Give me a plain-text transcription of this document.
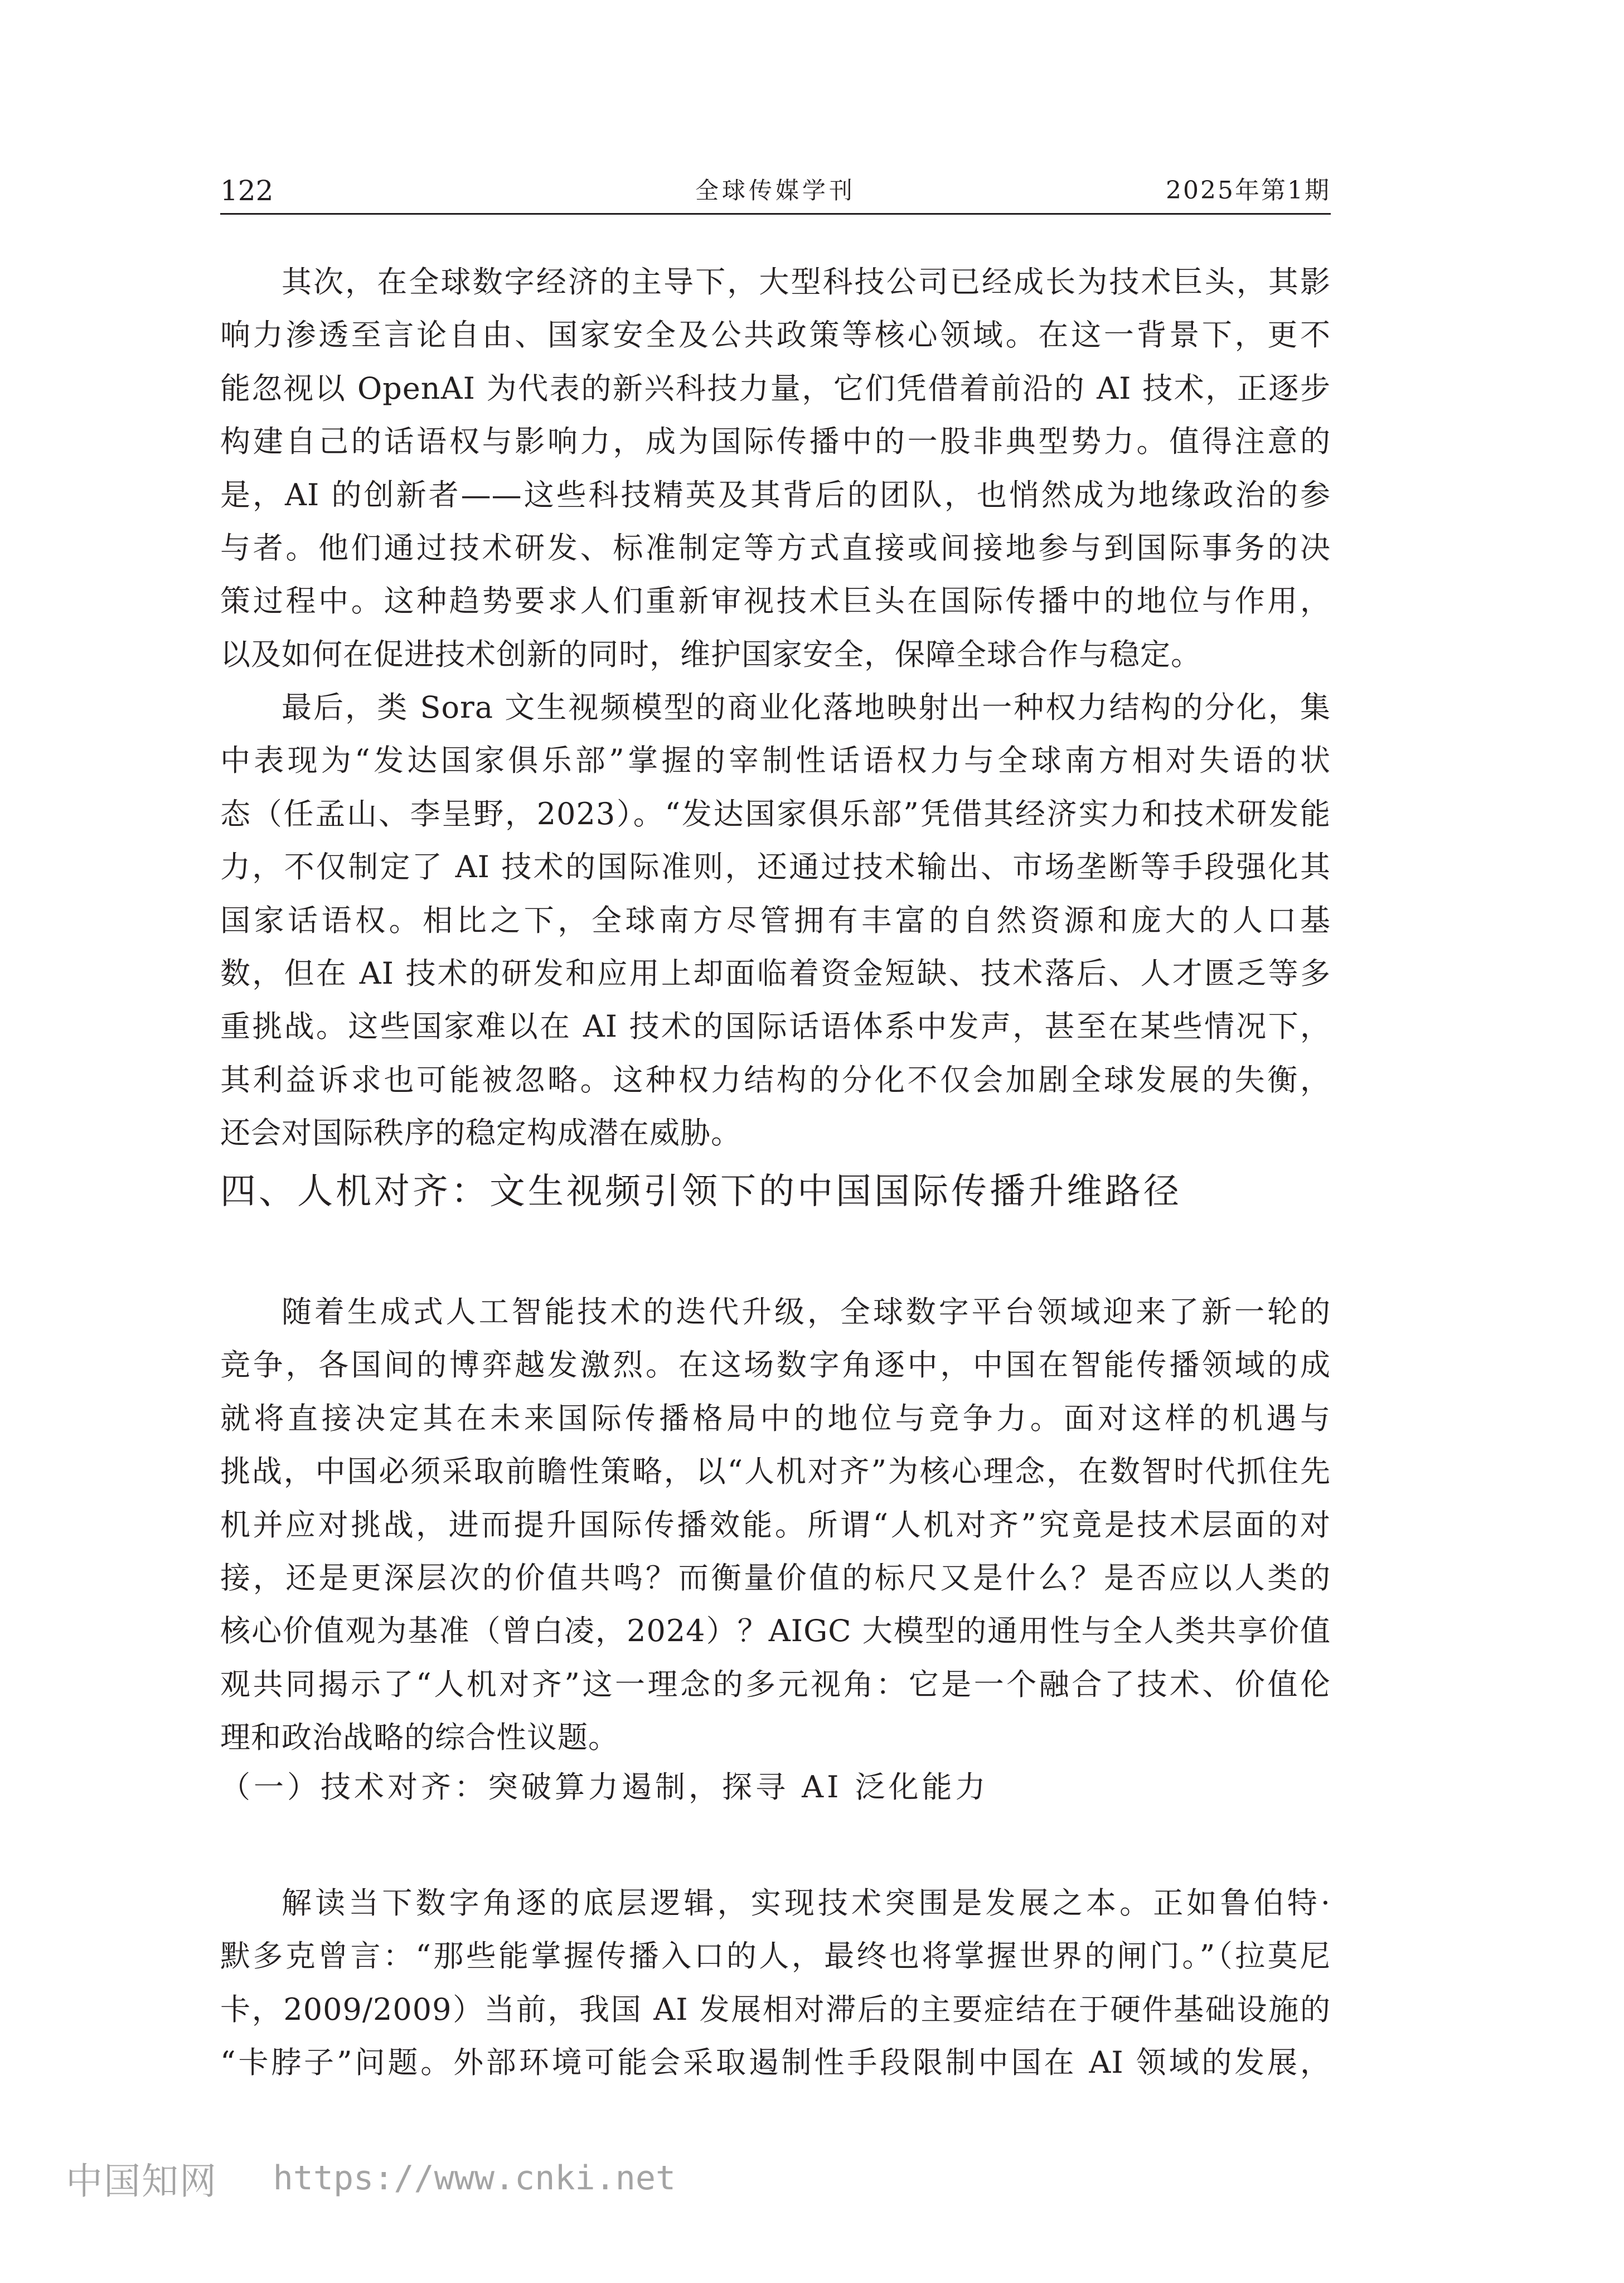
122	全球传媒学刊	2025年第1期
其次，在全球数字经济的主导下，大型科技公司已经成长为技术巨头，其影
响力渗透至言论自由、国家安全及公共政策等核心领域。在这一背景下，更不
能忽视以 OpenAI 为代表的新兴科技力量，它们凭借着前沿的 AI 技术，正逐步
构建自己的话语权与影响力，成为国际传播中的一股非典型势力。值得注意的
是，AI 的创新者——这些科技精英及其背后的团队，也悄然成为地缘政治的参
与者。他们通过技术研发、标准制定等方式直接或间接地参与到国际事务的决
策过程中。这种趋势要求人们重新审视技术巨头在国际传播中的地位与作用，
以及如何在促进技术创新的同时，维护国家安全，保障全球合作与稳定。
最后，类 Sora 文生视频模型的商业化落地映射出一种权力结构的分化，集
中表现为“发达国家俱乐部”掌握的宰制性话语权力与全球南方相对失语的状
态（任孟山、李呈野，2023）。“发达国家俱乐部”凭借其经济实力和技术研发能
力，不仅制定了 AI 技术的国际准则，还通过技术输出、市场垄断等手段强化其
国家话语权。相比之下，全球南方尽管拥有丰富的自然资源和庞大的人口基
数，但在 AI 技术的研发和应用上却面临着资金短缺、技术落后、人才匮乏等多
重挑战。这些国家难以在 AI 技术的国际话语体系中发声，甚至在某些情况下，
其利益诉求也可能被忽略。这种权力结构的分化不仅会加剧全球发展的失衡，
还会对国际秩序的稳定构成潜在威胁。
四、人机对齐：文生视频引领下的中国国际传播升维路径
随着生成式人工智能技术的迭代升级，全球数字平台领域迎来了新一轮的
竞争，各国间的博弈越发激烈。在这场数字角逐中，中国在智能传播领域的成
就将直接决定其在未来国际传播格局中的地位与竞争力。面对这样的机遇与
挑战，中国必须采取前瞻性策略，以“人机对齐”为核心理念，在数智时代抓住先
机并应对挑战，进而提升国际传播效能。所谓“人机对齐”究竟是技术层面的对
接，还是更深层次的价值共鸣？而衡量价值的标尺又是什么？是否应以人类的
核心价值观为基准（曾白凌，2024）？AIGC 大模型的通用性与全人类共享价值
观共同揭示了“人机对齐”这一理念的多元视角：它是一个融合了技术、价值伦
理和政治战略的综合性议题。
（一）技术对齐：突破算力遏制，探寻 AI 泛化能力
解读当下数字角逐的底层逻辑，实现技术突围是发展之本。正如鲁伯特·
默多克曾言：“那些能掌握传播入口的人，最终也将掌握世界的闸门。”（拉莫尼
卡，2009/2009）当前，我国 AI 发展相对滞后的主要症结在于硬件基础设施的
“卡脖子”问题。外部环境可能会采取遏制性手段限制中国在 AI 领域的发展，
中国知网 https://www.cnki.net
